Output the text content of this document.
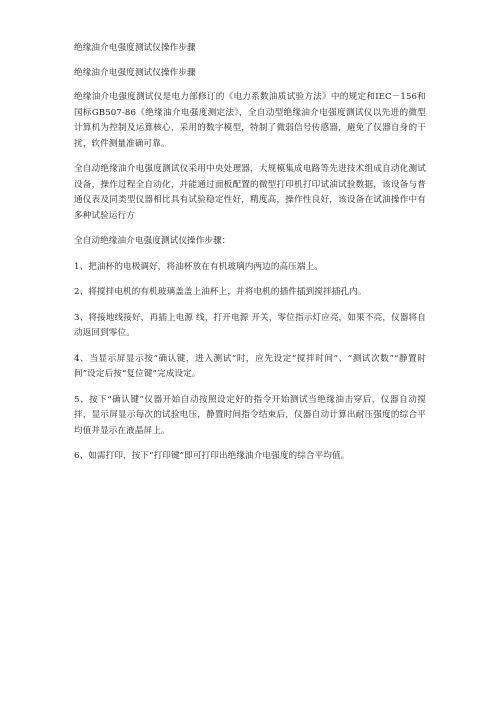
绝缘油介电强度测试仪操作步骤

绝缘油介电强度测试仪操作步骤

绝缘油介电强度测试仪是电力部修订的《电力系数油质试验方法》中的规定和IEC－156和国标GB507-86《绝缘油介电强度测定法》，全自动型绝缘油介电强度测试仪以先进的微型计算机为控制及运算核心，采用的数字模型，特制了微弱信号传感器，避免了仪器自身的干扰，软件测量准确可靠。

全自动绝缘油介电强度测试仪采用中央处理器，大规模集成电路等先进技术组成自动化测试设备，操作过程全自动化，并能通过面板配置的微型打印机打印试油试验数据，该设备与普通仪表及同类型仪器相比具有试验稳定性好，精度高，操作性良好，该设备在试油操作中有多种试验运行方

全自动绝缘油介电强度测试仪操作步骤：

1、把油杯的电极调好，将油杯放在有机玻璃内两边的高压端上。

2、将搅拌电机的有机玻璃盖盖上油杯上，并将电机的插件插到搅拌插孔内。

3、将接地线接好，再插上电源 线，打开电源 开关，零位指示灯应亮，如果不亮，仪器将自动返回到零位。

4、当显示屏显示按“确认键，进入测试”时，应先设定“搅拌时间”、“测试次数”“静置时间”设定后按“复位键”完成设定。

5、按下“确认键”仪器开始自动按照设定好的指令开始测试当绝缘油击穿后，仪器自动搅拌，显示屏显示每次的试验电压，静置时间指令结束后，仪器自动计算出耐压强度的综合平均值并显示在液晶屏上。

6、如需打印，按下“打印键”即可打印出绝缘油介电强度的综合平均值。
